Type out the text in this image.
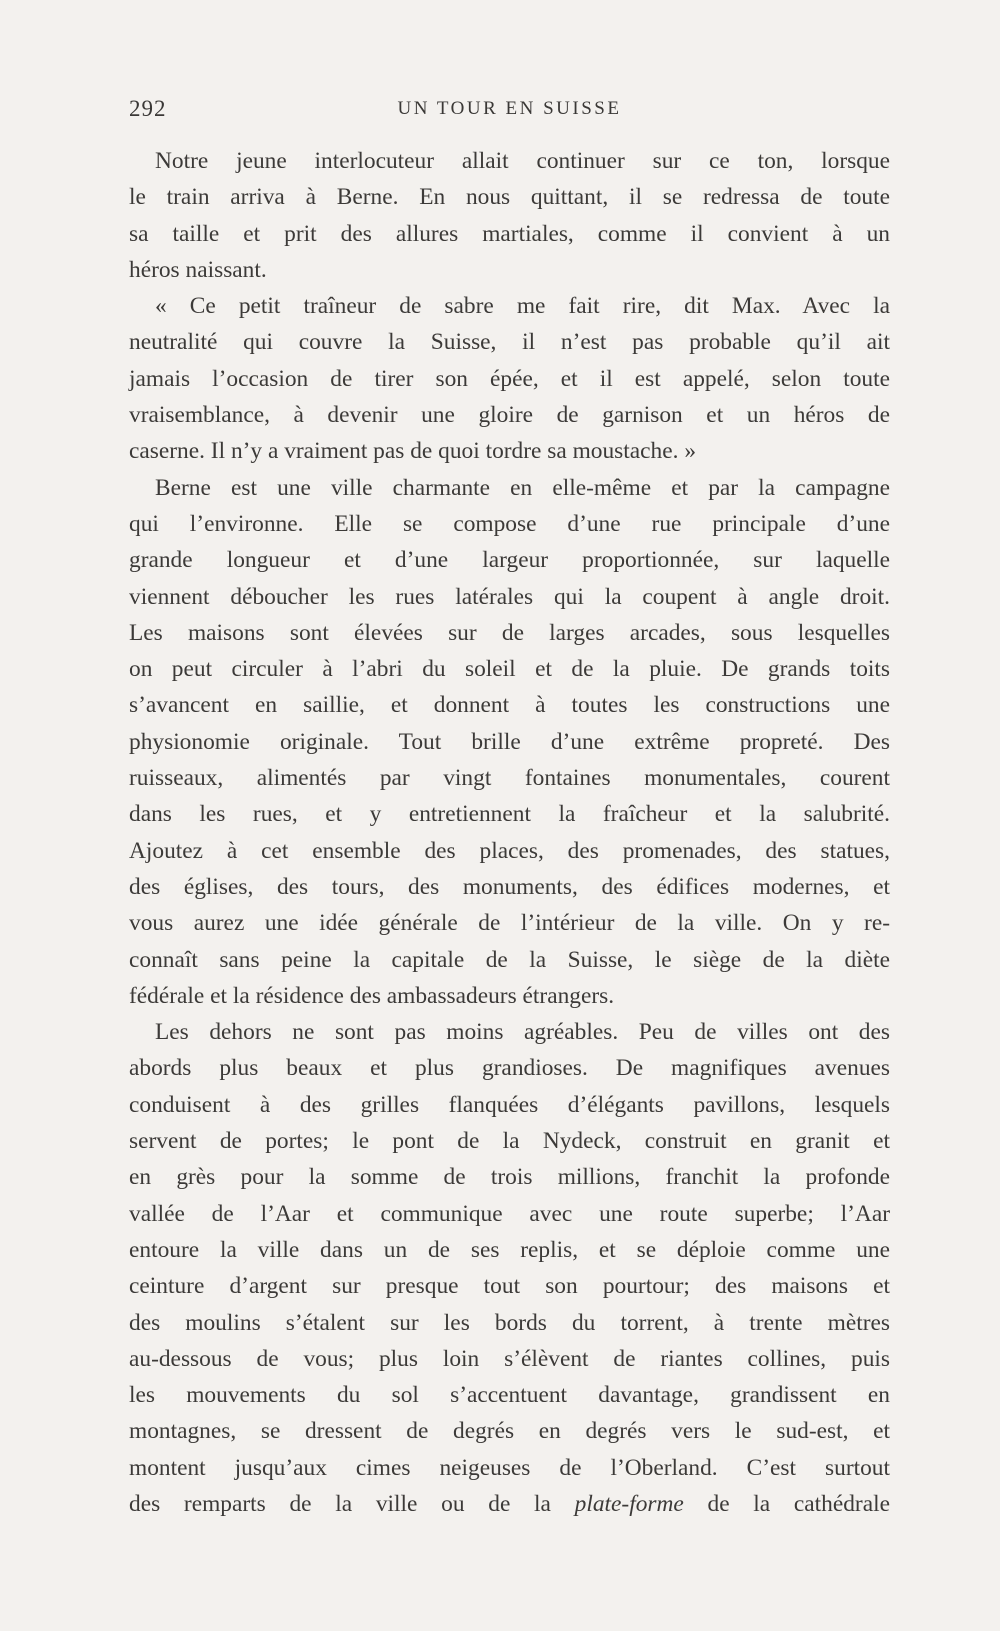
292	UN TOUR EN SUISSE
Notre jeune interlocuteur allait continuer sur ce ton, lorsque
le train arriva à Berne. En nous quittant, il se redressa de toute
sa taille et prit des allures martiales, comme il convient à un
héros naissant.
« Ce petit traîneur de sabre me fait rire, dit Max. Avec la
neutralité qui couvre la Suisse, il n’est pas probable qu’il ait
jamais l’occasion de tirer son épée, et il est appelé, selon toute
vraisemblance, à devenir une gloire de garnison et un héros de
caserne. Il n’y a vraiment pas de quoi tordre sa moustache. »
Berne est une ville charmante en elle-même et par la campagne
qui l’environne. Elle se compose d’une rue principale d’une
grande longueur et d’une largeur proportionnée, sur laquelle
viennent déboucher les rues latérales qui la coupent à angle droit.
Les maisons sont élevées sur de larges arcades, sous lesquelles
on peut circuler à l’abri du soleil et de la pluie. De grands toits
s’avancent en saillie, et donnent à toutes les constructions une
physionomie originale. Tout brille d’une extrême propreté. Des
ruisseaux, alimentés par vingt fontaines monumentales, courent
dans les rues, et y entretiennent la fraîcheur et la salubrité.
Ajoutez à cet ensemble des places, des promenades, des statues,
des églises, des tours, des monuments, des édifices modernes, et
vous aurez une idée générale de l’intérieur de la ville. On y re-
connaît sans peine la capitale de la Suisse, le siège de la diète
fédérale et la résidence des ambassadeurs étrangers.
Les dehors ne sont pas moins agréables. Peu de villes ont des
abords plus beaux et plus grandioses. De magnifiques avenues
conduisent à des grilles flanquées d’élégants pavillons, lesquels
servent de portes; le pont de la Nydeck, construit en granit et
en grès pour la somme de trois millions, franchit la profonde
vallée de l’Aar et communique avec une route superbe; l’Aar
entoure la ville dans un de ses replis, et se déploie comme une
ceinture d’argent sur presque tout son pourtour; des maisons et
des moulins s’étalent sur les bords du torrent, à trente mètres
au-dessous de vous; plus loin s’élèvent de riantes collines, puis
les mouvements du sol s’accentuent davantage, grandissent en
montagnes, se dressent de degrés en degrés vers le sud-est, et
montent jusqu’aux cimes neigeuses de l’Oberland. C’est surtout
des remparts de la ville ou de la plate-forme de la cathédrale
